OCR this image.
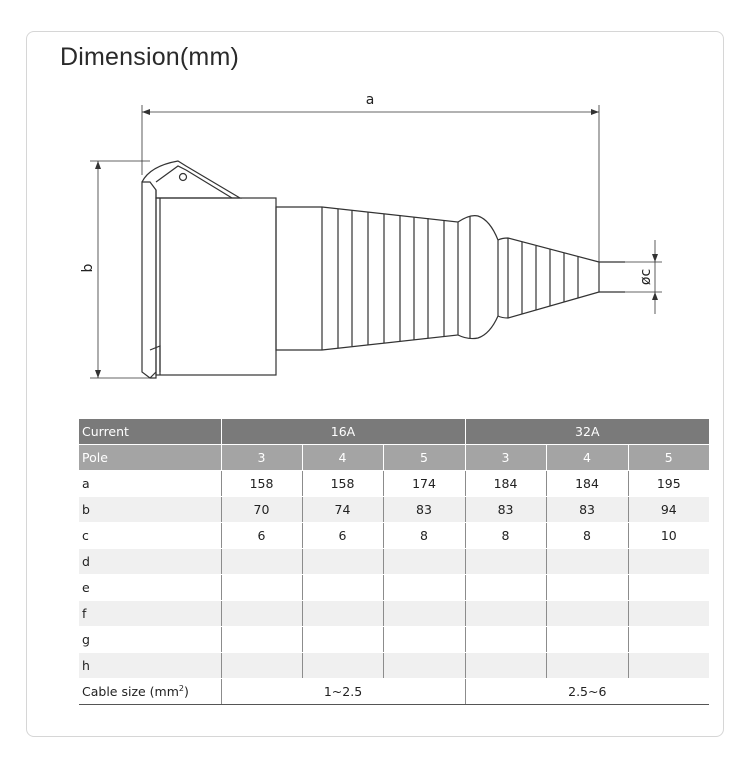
Dimension(mm)
a
b
øc
Current	16A			32A		
Pole	3	4	5	3	4	5
a	158	158	174	184	184	195
b	70	74	83	83	83	94
c	6	6	8	8	8	10
d						
e						
f						
g						
h						
Cable size $(mm^2)$	1~2.5			2.5~6		
